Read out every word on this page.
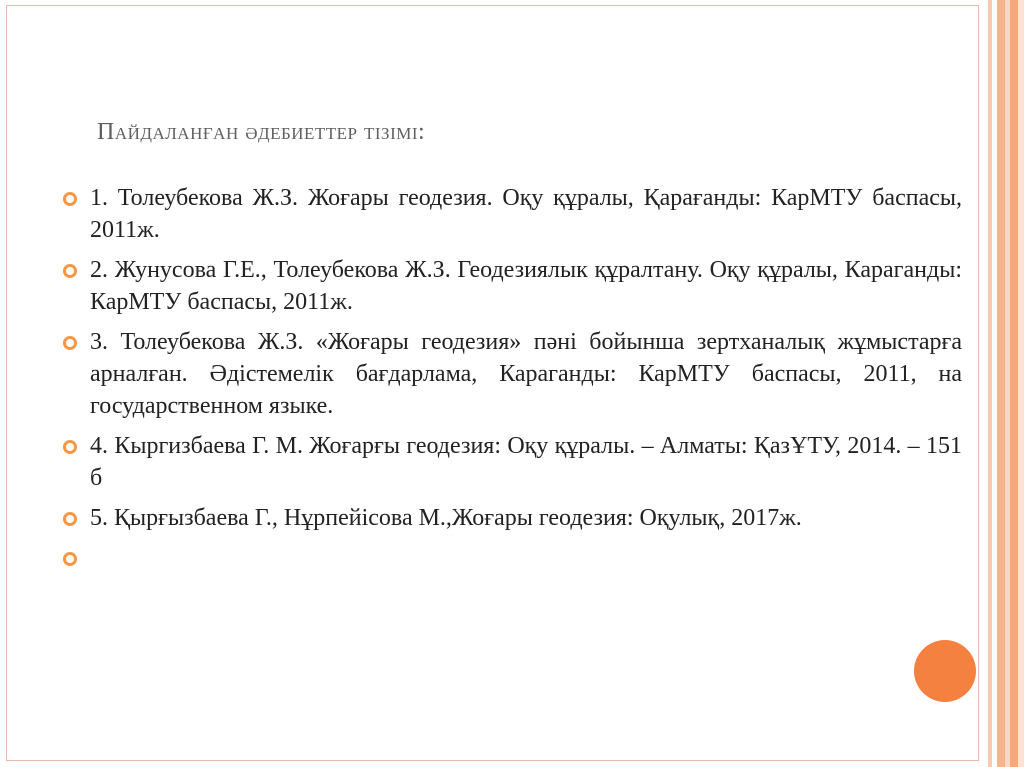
Пайдаланған әдебиеттер тізімі:
1. Толеубекова Ж.З. Жоғары геодезия. Оқу құралы, Қарағанды: КарМТУ баспасы, 2011ж.
2. Жунусова Г.Е., Толеубекова Ж.З. Геодезиялык құралтану. Оқу құралы, Караганды: КарМТУ баспасы, 2011ж.
3. Толеубекова Ж.З. «Жоғары геодезия» пәні бойынша зертханалық жұмыстарға арналған. Әдістемелік бағдарлама, Караганды: КарМТУ баспасы, 2011, на государственном языке.
4. Кыргизбаева Г. М. Жоғарғы геодезия: Оқу құралы. – Алматы: ҚазҰТУ, 2014. – 151 б
5. Қырғызбаева Г., Нұрпейісова М.,Жоғары геодезия: Оқулық, 2017ж.
